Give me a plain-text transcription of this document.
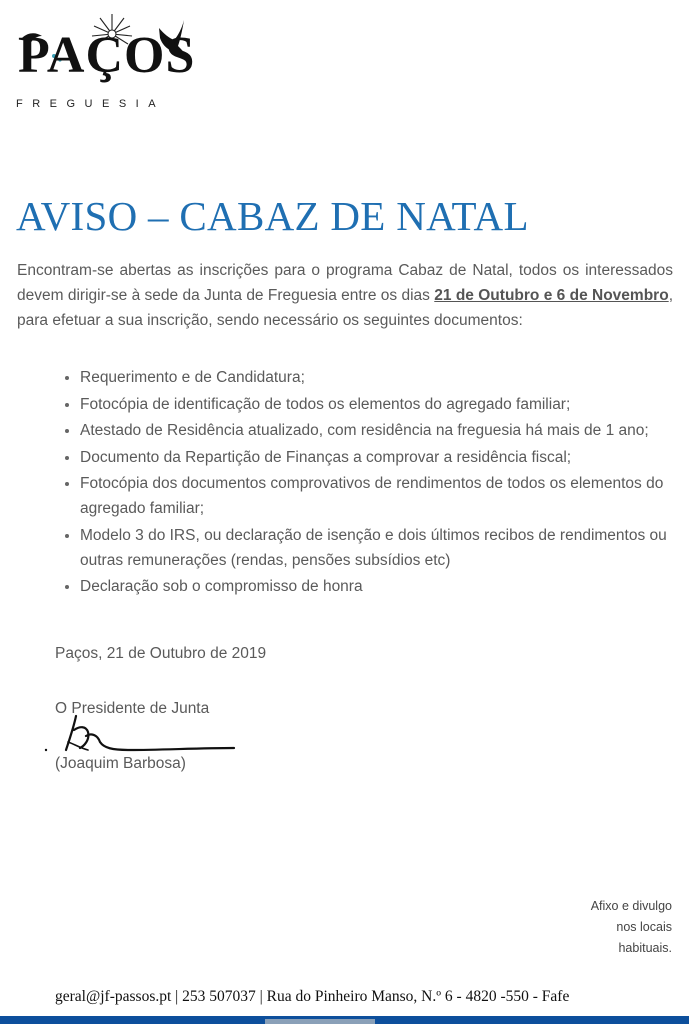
PAÇOS
FREGUESIA
AVISO – CABAZ DE NATAL

Encontram-se abertas as inscrições para o programa Cabaz de Natal, todos os interessados devem dirigir-se à sede da Junta de Freguesia entre os dias 21 de Outubro e 6 de Novembro, para efetuar a sua inscrição, sendo necessário os seguintes documentos:

• Requerimento e de Candidatura;
• Fotocópia de identificação de todos os elementos do agregado familiar;
• Atestado de Residência atualizado, com residência na freguesia há mais de 1 ano;
• Documento da Repartição de Finanças a comprovar a residência fiscal;
• Fotocópia dos documentos comprovativos de rendimentos de todos os elementos do agregado familiar;
• Modelo 3 do IRS, ou declaração de isenção e dois últimos recibos de rendimentos ou outras remunerações (rendas, pensões subsídios etc)
• Declaração sob o compromisso de honra
Paços, 21 de Outubro de 2019
O Presidente de Junta
(Joaquim Barbosa)
Afixo e divulgo
nos locais
habituais.
geral@jf-passos.pt | 253 507037 | Rua do Pinheiro Manso, N.º 6 - 4820 -550 - Fafe
